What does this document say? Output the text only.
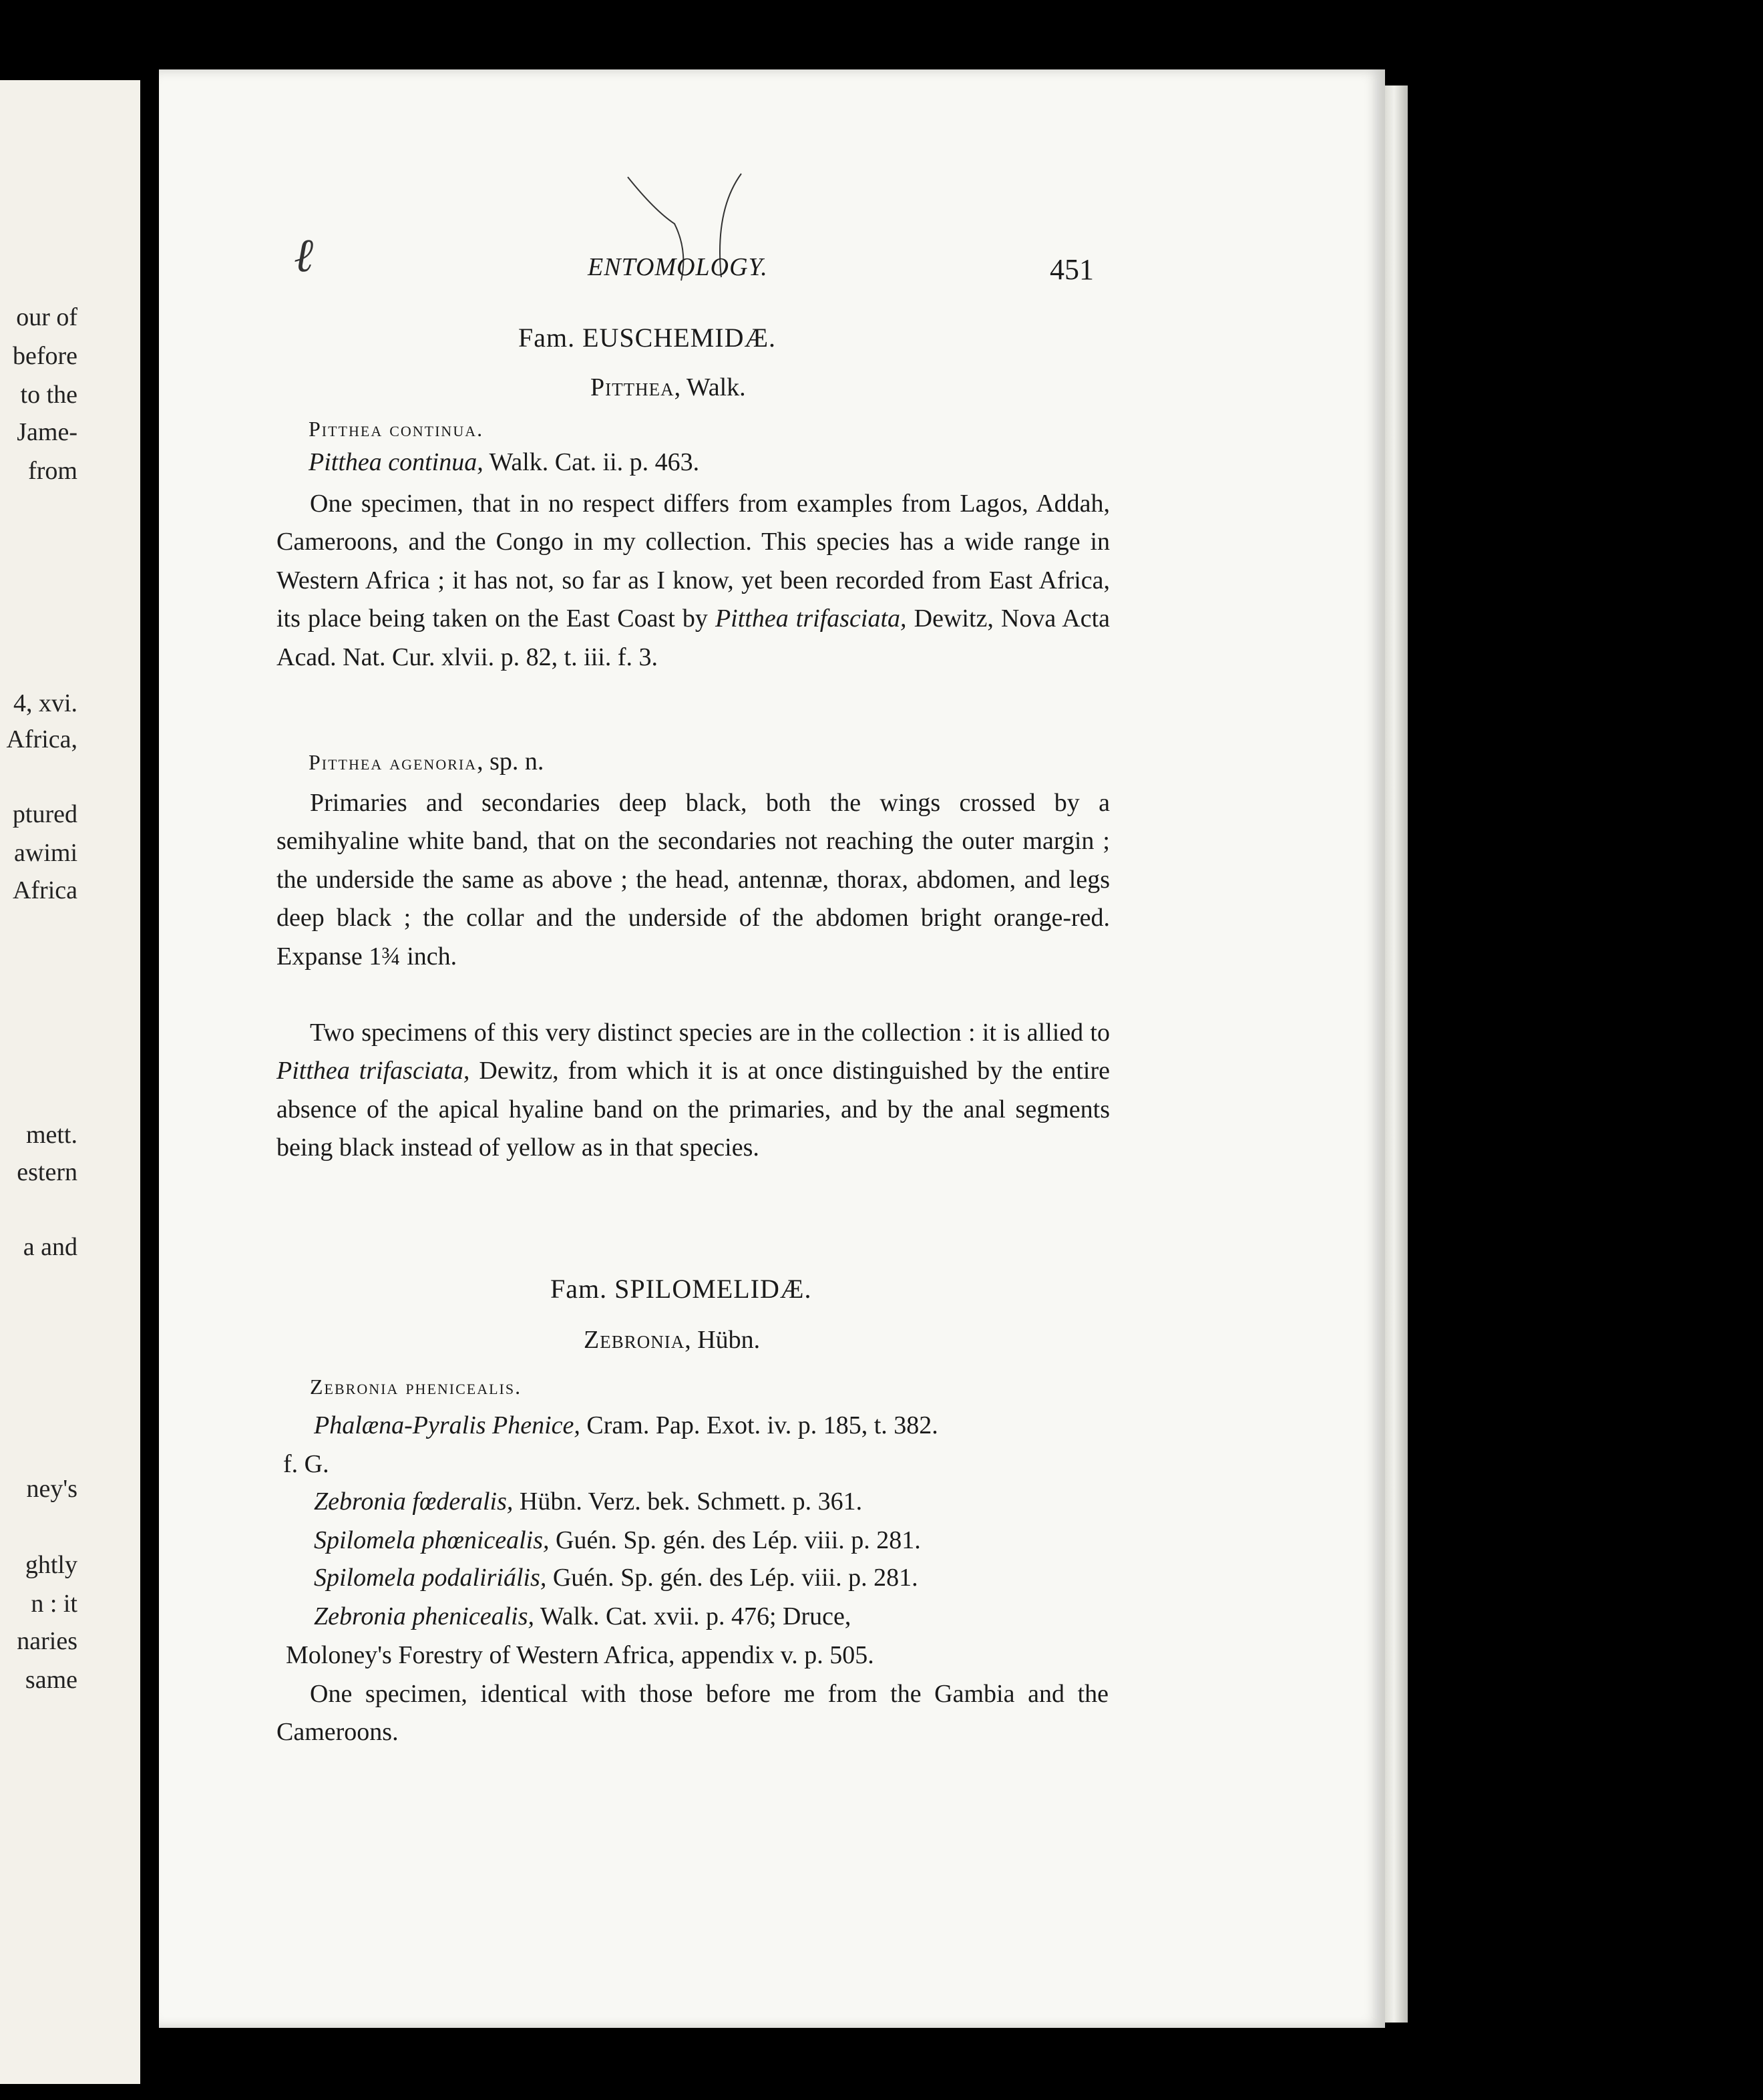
our of
before
to the
Jame-
from
4, xvi.
Africa,
ptured
awimi
Africa
mett.
estern
a and
ney's
ghtly
n : it
naries
same
ℓ	ENTOMOLOGY.	451
Fam. EUSCHEMIDÆ.
Pitthea, Walk.
Pitthea continua.
Pitthea continua, Walk. Cat. ii. p. 463.

One specimen, that in no respect differs from examples from Lagos, Addah, Cameroons, and the Congo in my collection. This species has a wide range in Western Africa ; it has not, so far as I know, yet been recorded from East Africa, its place being taken on the East Coast by Pitthea trifasciata, Dewitz, Nova Acta Acad. Nat. Cur. xlvii. p. 82, t. iii. f. 3.

Pitthea agenoria, sp. n.

Primaries and secondaries deep black, both the wings crossed by a semihyaline white band, that on the secondaries not reaching the outer margin ; the underside the same as above ; the head, antennæ, thorax, abdomen, and legs deep black ; the collar and the underside of the abdomen bright orange-red. Expanse 1¾ inch.

Two specimens of this very distinct species are in the collection : it is allied to Pitthea trifasciata, Dewitz, from which it is at once distinguished by the entire absence of the apical hyaline band on the primaries, and by the anal segments being black instead of yellow as in that species.

Fam. SPILOMELIDÆ.
Zebronia, Hübn.
Zebronia phenicealis.
Phalæna-Pyralis Phenice, Cram. Pap. Exot. iv. p. 185, t. 382.
f. G.
Zebronia fœderalis, Hübn. Verz. bek. Schmett. p. 361.
Spilomela phœnicealis, Guén. Sp. gén. des Lép. viii. p. 281.
Spilomela podaliriális, Guén. Sp. gén. des Lép. viii. p. 281.
Zebronia phenicealis, Walk. Cat. xvii. p. 476; Druce,
Moloney's Forestry of Western Africa, appendix v. p. 505.

One specimen, identical with those before me from the Gambia and the Cameroons.
